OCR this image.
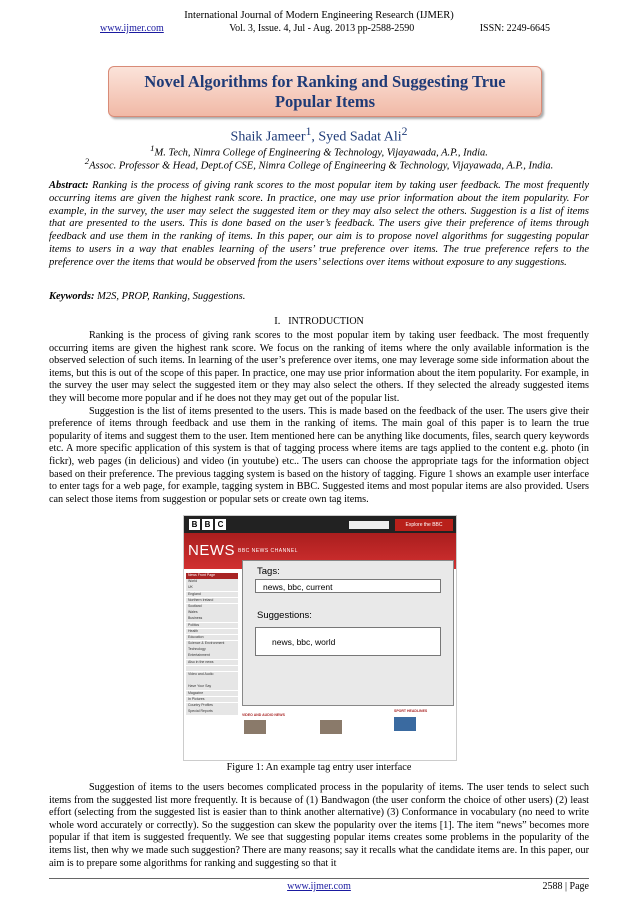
International Journal of Modern Engineering Research (IJMER)
www.ijmer.com	Vol. 3, Issue. 4, Jul - Aug. 2013 pp-2588-2590	ISSN: 2249-6645
Novel Algorithms for Ranking and Suggesting True
Popular Items
Shaik Jameer$^1$, Syed Sadat Ali$^2$
$^1$M. Tech, Nimra College of Engineering & Technology, Vijayawada, A.P., India.
$^2$Assoc. Professor & Head, Dept.of CSE, Nimra College of Engineering & Technology, Vijayawada, A.P., India.
Abstract: Ranking is the process of giving rank scores to the most popular item by taking user feedback. The most frequently occurring items are given the highest rank score. In practice, one may use prior information about the item popularity. For example, in the survey, the user may select the suggested item or they may also select the others. Suggestion is a list of items that are presented to the users. This is done based on the user’s feedback. The users give their preference of items through feedback and use them in the ranking of items. In this paper, our aim is to propose novel algorithms for suggesting popular items to users in a way that enables learning of the users’ true preference over items. The true preference refers to the preference over the items that would be observed from the users’ selections over items without exposure to any suggestions.
Keywords: M2S, PROP, Ranking, Suggestions.
I. INTRODUCTION

Ranking is the process of giving rank scores to the most popular item by taking user feedback. The most frequently occurring items are given the highest rank score. We focus on the ranking of items where the only available information is the observed selection of such items. In learning of the user’s preference over items, one may leverage some side information about the items, but this is out of the scope of this paper. In practice, one may use prior information about the item popularity. For example, in the survey the user may select the suggested item or they may also select the others. If they selected the already suggested items they will become more popular and if he does not they may get out of the popular list.

Suggestion is the list of items presented to the users. This is made based on the feedback of the user. The users give their preference of items through feedback and use them in the ranking of items. The main goal of this paper is to learn the true popularity of items and suggest them to the user. Item mentioned here can be anything like documents, files, search query keywords etc. A more specific application of this system is that of tagging process where items are tags applied to the content e.g. photo (in fickr), web pages (in delicious) and video (in youtube) etc.. The users can choose the appropriate tags for the information object based on their preference. The previous tagging system is based on the history of tagging. Figure 1 shows an example user interface to enter tags for a web page, for example, tagging system in BBC. Suggested items and most popular items are also provided. Users can select those items from suggestion or popular sets or create own tag items.

B B C	Explore the BBC
NEWS BBC NEWS CHANNEL
News Front Page
World
UK
England
Northern Ireland
Scotland
Wales
Business
Politics
Health
Education
Science & Environment
Technology
Entertainment
Also in the news
Video and Audio
Have Your Say
Magazine
In Pictures
Country Profiles
Special Reports
Tags:
news, bbc, current
Suggestions:
news, bbc, world
VIDEO AND AUDIO NEWS
SPORT HEADLINES
Figure 1: An example tag entry user interface

Suggestion of items to the users becomes complicated process in the popularity of items. The user tends to select such items from the suggested list more frequently. It is because of (1) Bandwagon (the user conform the choice of other users) (2) least effort (selecting from the suggested list is easier than to think another alternative) (3) Conformance in vocabulary (no need to write whole word accurately or correctly). So the suggestion can skew the popularity over the items [1]. The item “news” becomes more popular if that item is suggested frequently. We see that suggesting popular items creates some problems in the popularity of the items list, then why we made such suggestion? There are many reasons; say it recalls what the candidate items are. In this paper, our aim is to prepare some algorithms for ranking and suggesting so that it

www.ijmer.com	2588 | Page
